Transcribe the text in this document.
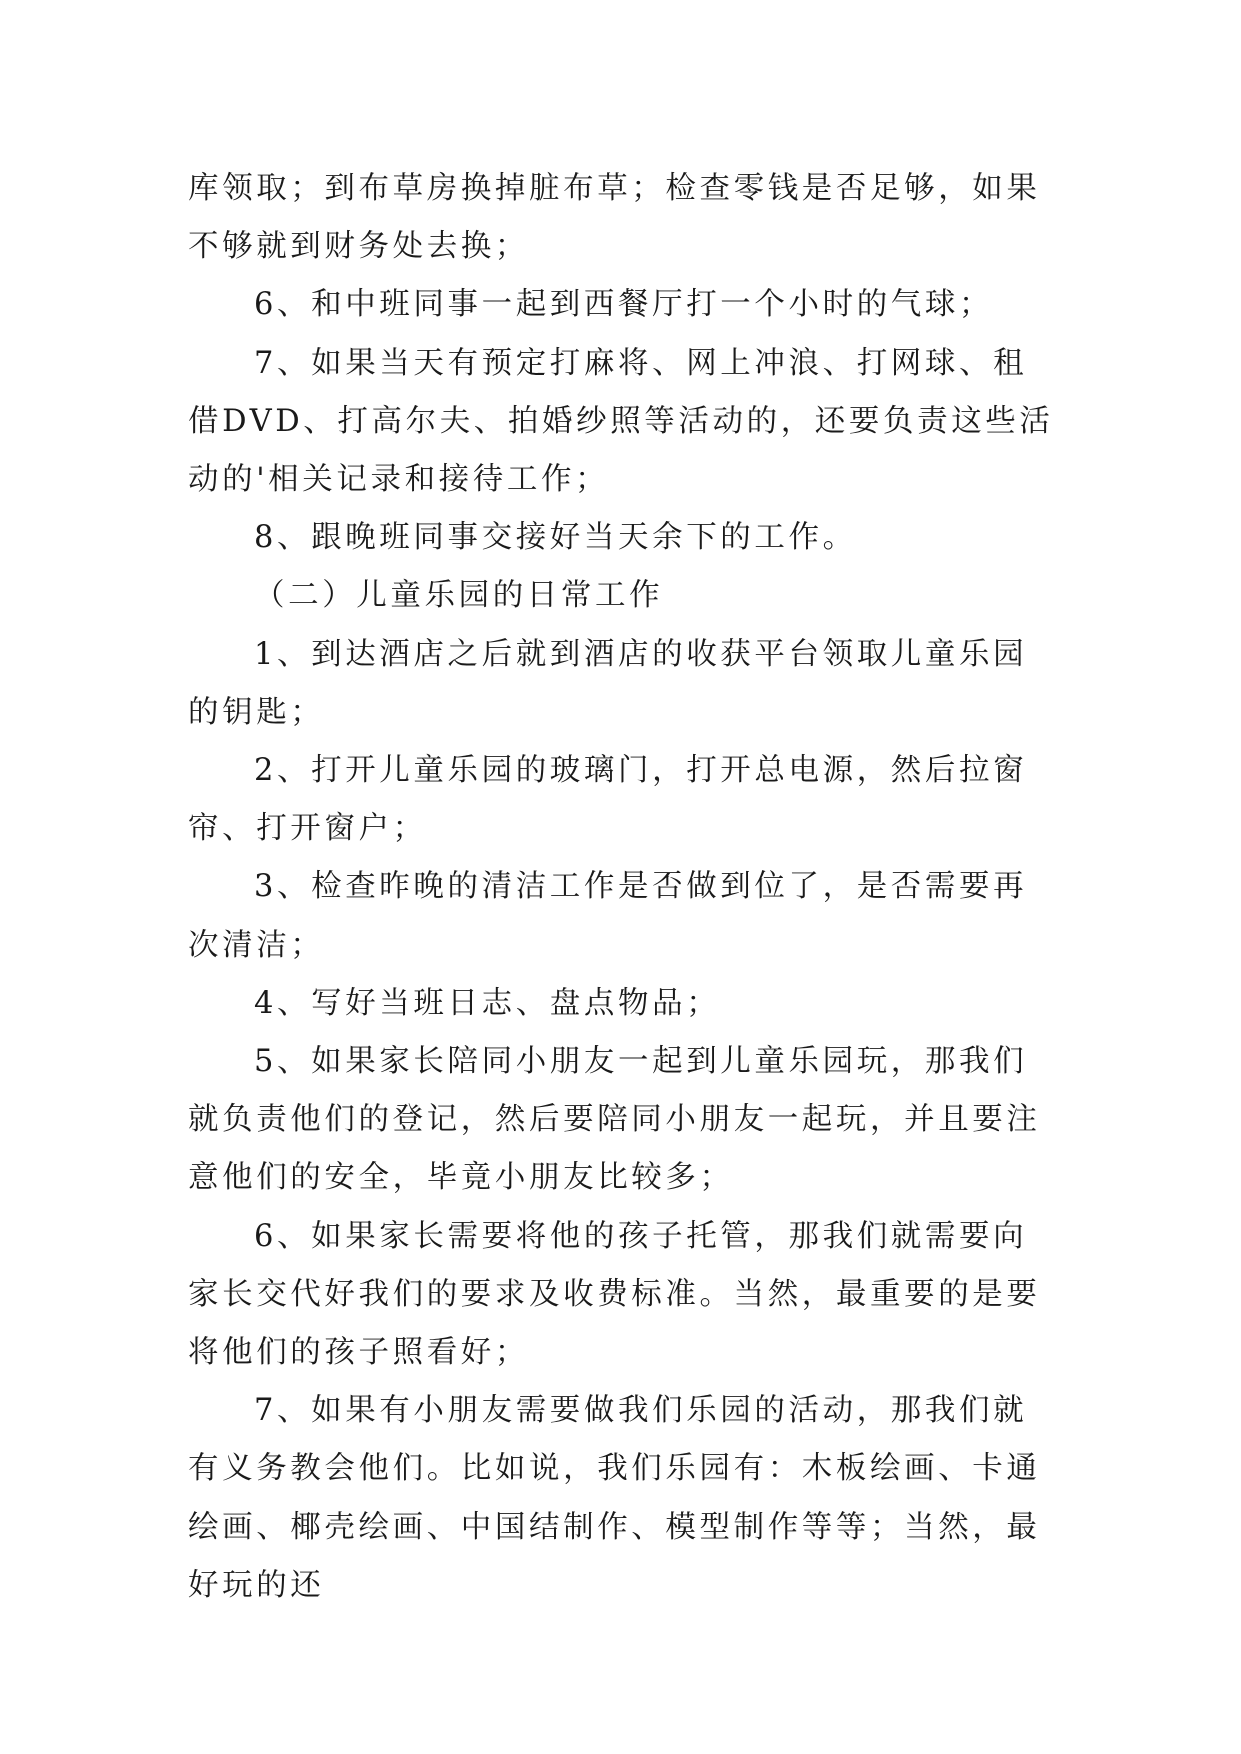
库领取；到布草房换掉脏布草；检查零钱是否足够，如果不够就到财务处去换；

6、和中班同事一起到西餐厅打一个小时的气球；

7、如果当天有预定打麻将、网上冲浪、打网球、租借DVD、打高尔夫、拍婚纱照等活动的，还要负责这些活动的'相关记录和接待工作；

8、跟晚班同事交接好当天余下的工作。

（二）儿童乐园的日常工作

1、到达酒店之后就到酒店的收获平台领取儿童乐园的钥匙；

2、打开儿童乐园的玻璃门，打开总电源，然后拉窗帘、打开窗户；

3、检查昨晚的清洁工作是否做到位了，是否需要再次清洁；

4、写好当班日志、盘点物品；

5、如果家长陪同小朋友一起到儿童乐园玩，那我们就负责他们的登记，然后要陪同小朋友一起玩，并且要注意他们的安全，毕竟小朋友比较多；

6、如果家长需要将他的孩子托管，那我们就需要向家长交代好我们的要求及收费标准。当然，最重要的是要将他们的孩子照看好；

7、如果有小朋友需要做我们乐园的活动，那我们就有义务教会他们。比如说，我们乐园有：木板绘画、卡通绘画、椰壳绘画、中国结制作、模型制作等等；当然，最好玩的还
